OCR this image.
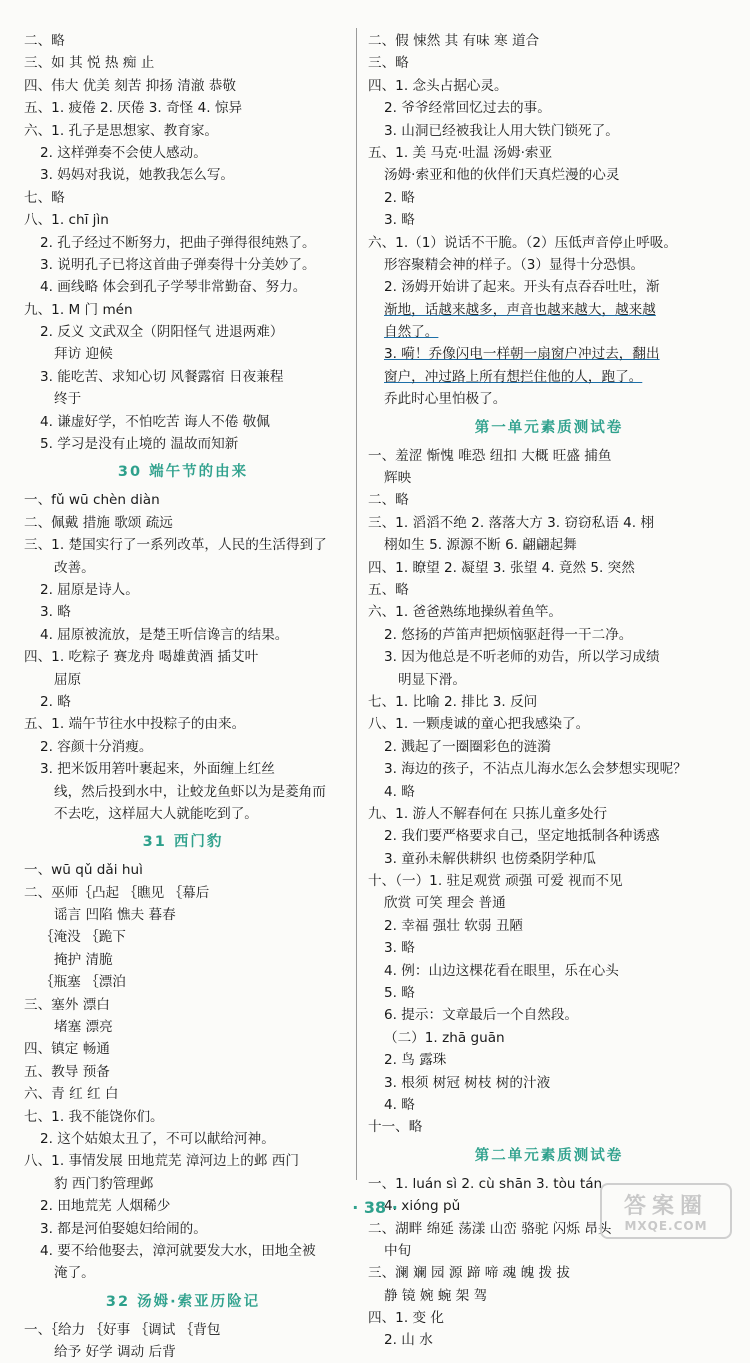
二、略
三、如 其 悦 热 痴 止
四、伟大 优美 刻苦 抑扬 清澈 恭敬
五、1. 疲倦 2. 厌倦 3. 奇怪 4. 惊异
六、1. 孔子是思想家、教育家。
2. 这样弹奏不会使人感动。
3. 妈妈对我说，她教我怎么写。
七、略
八、1. chī jìn
2. 孔子经过不断努力，把曲子弹得很纯熟了。
3. 说明孔子已将这首曲子弹奏得十分美妙了。
4. 画线略 体会到孔子学琴非常勤奋、努力。
九、1. M 门 mén
2. 反义 文武双全（阴阳怪气 进退两难）
拜访 迎候
3. 能吃苦、求知心切 风餐露宿 日夜兼程
终于
4. 谦虚好学，不怕吃苦 诲人不倦 敬佩
5. 学习是没有止境的 温故而知新
30 端午节的由来
一、fǔ wū chèn diàn
二、佩戴 措施 歌颂 疏远
三、1. 楚国实行了一系列改革，人民的生活得到了
改善。
2. 屈原是诗人。
3. 略
4. 屈原被流放，是楚王听信谗言的结果。
四、1. 吃粽子 赛龙舟 喝雄黄酒 插艾叶
屈原
2. 略
五、1. 端午节往水中投粽子的由来。
2. 容颜十分消瘦。
3. 把米饭用箬叶裹起来，外面缠上红丝
线，然后投到水中，让蛟龙鱼虾以为是菱角而
不去吃，这样屈大人就能吃到了。
31 西门豹
一、wū qǔ dǎi huì
二、巫师｛凸起 ｛瞧见 ｛幕后
谣言 凹陷 憔夫 暮春
｛淹没 ｛跪下
掩护 清脆
｛瓶塞 ｛漂泊
三、塞外 漂白
堵塞 漂亮
四、镇定 畅通
五、教导 预备
六、青 红 红 白
七、1. 我不能饶你们。
2. 这个姑娘太丑了，不可以献给河神。
八、1. 事情发展 田地荒芜 漳河边上的邺 西门
豹 西门豹管理邺
2. 田地荒芜 人烟稀少
3. 都是河伯娶媳妇给闹的。
4. 要不给他娶去，漳河就要发大水，田地全被
淹了。
32 汤姆·索亚历险记
一、｛给力 ｛好事 ｛调试 ｛背包
给予 好学 调动 后背
二、假 悚然 其 有味 寒 道合
三、略
四、1. 念头占据心灵。
2. 爷爷经常回忆过去的事。
3. 山洞已经被我让人用大铁门锁死了。
五、1. 美 马克·吐温 汤姆·索亚
汤姆·索亚和他的伙伴们天真烂漫的心灵
2. 略
3. 略
六、1.（1）说话不干脆。（2）压低声音停止呼吸。
形容聚精会神的样子。（3）显得十分恐惧。
2. 汤姆开始讲了起来。开头有点吞吞吐吐，渐
渐地，话越来越多，声音也越来越大，越来越
自然了。
3. 嗬！乔像闪电一样朝一扇窗户冲过去，翻出
窗户，冲过路上所有想拦住他的人，跑了。
乔此时心里怕极了。
第一单元素质测试卷
一、羞涩 惭愧 唯恐 纽扣 大概 旺盛 捕鱼
辉映
二、略
三、1. 滔滔不绝 2. 落落大方 3. 窃窃私语 4. 栩
栩如生 5. 源源不断 6. 翩翩起舞
四、1. 瞭望 2. 凝望 3. 张望 4. 竟然 5. 突然
五、略
六、1. 爸爸熟练地操纵着鱼竿。
2. 悠扬的芦笛声把烦恼驱赶得一干二净。
3. 因为他总是不听老师的劝告，所以学习成绩
明显下滑。
七、1. 比喻 2. 排比 3. 反问
八、1. 一颗虔诚的童心把我感染了。
2. 溅起了一圈圈彩色的涟漪
3. 海边的孩子，不沾点儿海水怎么会梦想实现呢？
4. 略
九、1. 游人不解春何在 只拣儿童多处行
2. 我们要严格要求自己，坚定地抵制各种诱惑
3. 童孙未解供耕织 也傍桑阴学种瓜
十、（一）1. 驻足观赏 顽强 可爱 视而不见
欣赏 可笑 理会 普通
2. 幸福 强壮 软弱 丑陋
3. 略
4. 例：山边这棵花看在眼里，乐在心头
5. 略
6. 提示：文章最后一个自然段。
（二）1. zhā guān
2. 鸟 露珠
3. 根须 树冠 树枝 树的汁液
4. 略
十一、略
第二单元素质测试卷
一、1. luán sì 2. cù shān 3. tòu tán
4. xióng pǔ
二、湖畔 绵延 荡漾 山峦 骆驼 闪烁 昂头
中旬
三、澜 斓 园 源 蹄 啼 魂 魄 拨 拔
静 镜 婉 蜿 架 驾
四、1. 变 化
2. 山 水
· 38 ·	答案圈
MXQE.COM
